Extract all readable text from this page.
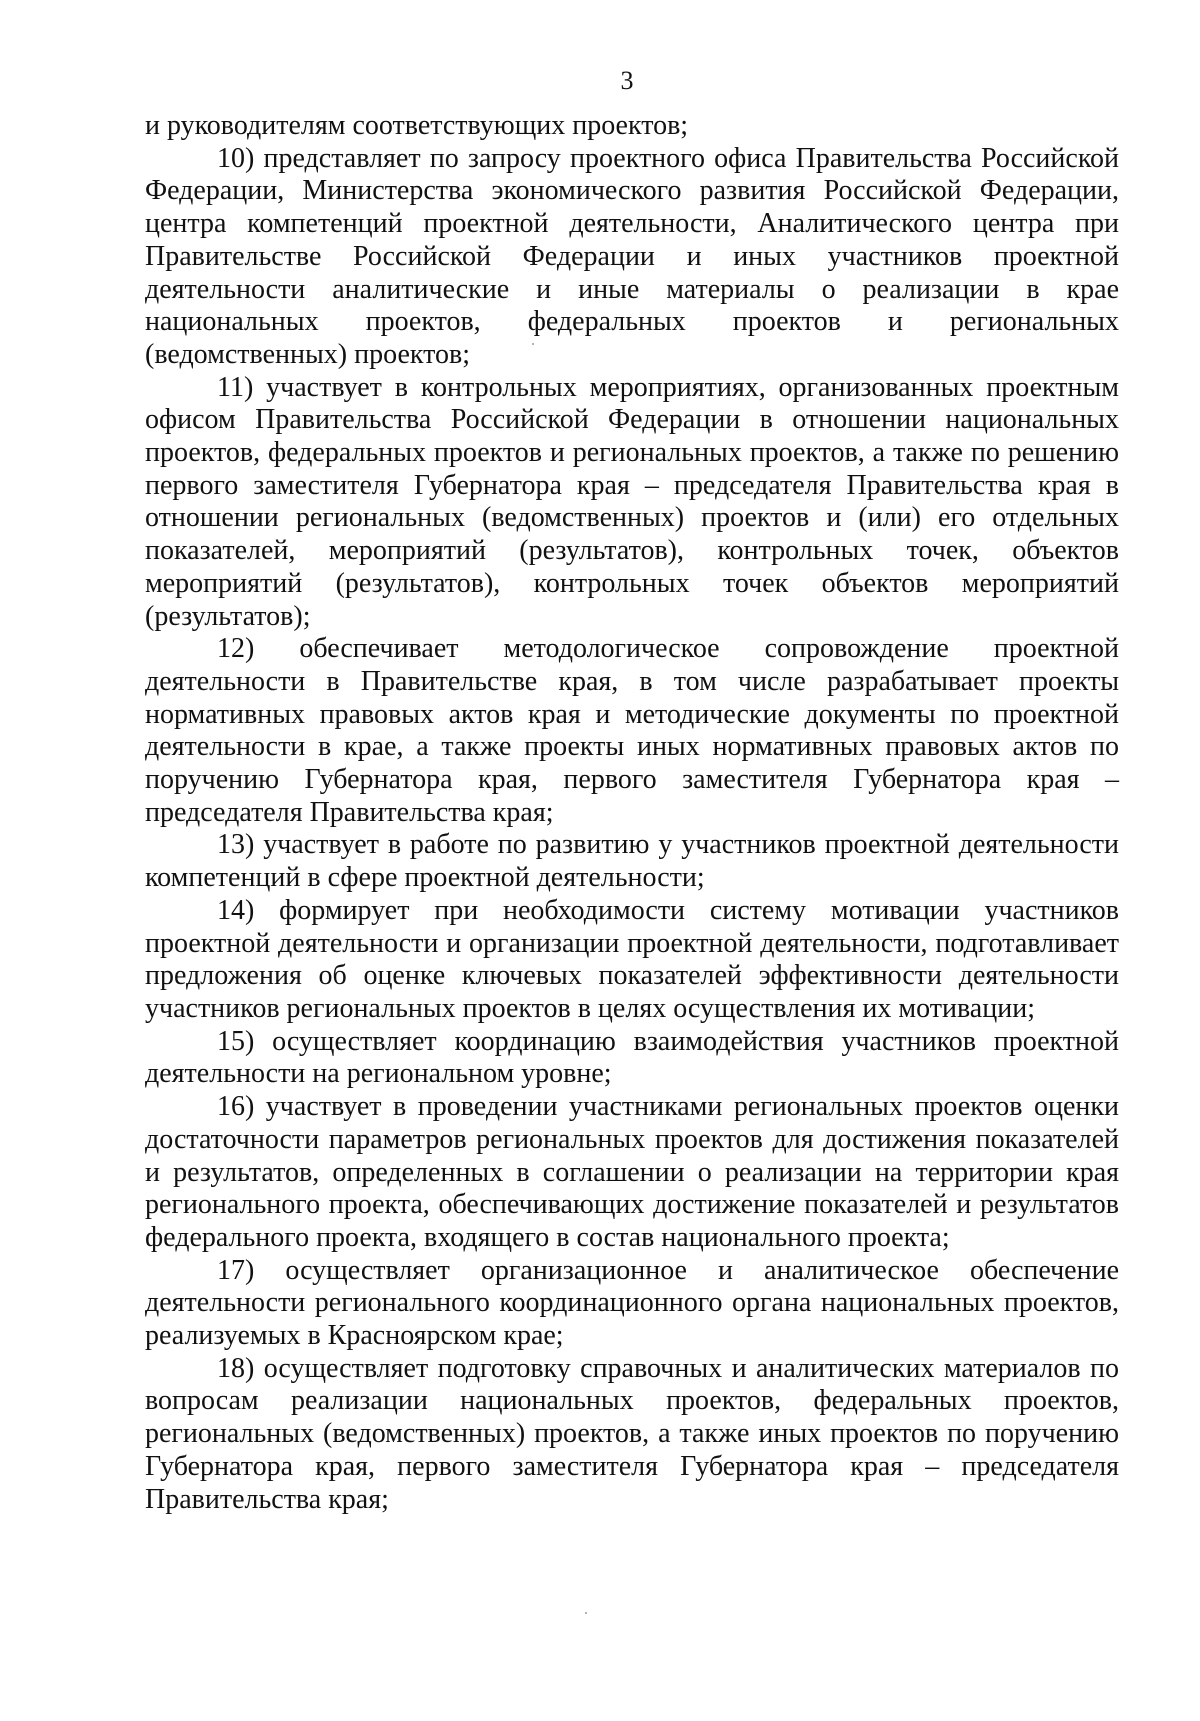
3

и руководителям соответствующих проектов;

10) представляет по запросу проектного офиса Правительства Российской Федерации, Министерства экономического развития Российской Федерации, центра компетенций проектной деятельности, Аналитического центра при Правительстве Российской Федерации и иных участников проектной деятельности аналитические и иные материалы о реализации в крае национальных проектов, федеральных проектов и региональных (ведомственных) проектов;

11) участвует в контрольных мероприятиях, организованных проектным офисом Правительства Российской Федерации в отношении национальных проектов, федеральных проектов и региональных проектов, а также по решению первого заместителя Губернатора края – председателя Правительства края в отношении региональных (ведомственных) проектов и (или) его отдельных показателей, мероприятий (результатов), контрольных точек, объектов мероприятий (результатов), контрольных точек объектов мероприятий (результатов);

12) обеспечивает методологическое сопровождение проектной деятельности в Правительстве края, в том числе разрабатывает проекты нормативных правовых актов края и методические документы по проектной деятельности в крае, а также проекты иных нормативных правовых актов по поручению Губернатора края, первого заместителя Губернатора края – председателя Правительства края;

13) участвует в работе по развитию у участников проектной деятельности компетенций в сфере проектной деятельности;

14) формирует при необходимости систему мотивации участников проектной деятельности и организации проектной деятельности, подготавливает предложения об оценке ключевых показателей эффективности деятельности участников региональных проектов в целях осуществления их мотивации;

15) осуществляет координацию взаимодействия участников проектной деятельности на региональном уровне;

16) участвует в проведении участниками региональных проектов оценки достаточности параметров региональных проектов для достижения показателей и результатов, определенных в соглашении о реализации на территории края регионального проекта, обеспечивающих достижение показателей и результатов федерального проекта, входящего в состав национального проекта;

17) осуществляет организационное и аналитическое обеспечение деятельности регионального координационного органа национальных проектов, реализуемых в Красноярском крае;

18) осуществляет подготовку справочных и аналитических материалов по вопросам реализации национальных проектов, федеральных проектов, региональных (ведомственных) проектов, а также иных проектов по поручению Губернатора края, первого заместителя Губернатора края – председателя Правительства края;
